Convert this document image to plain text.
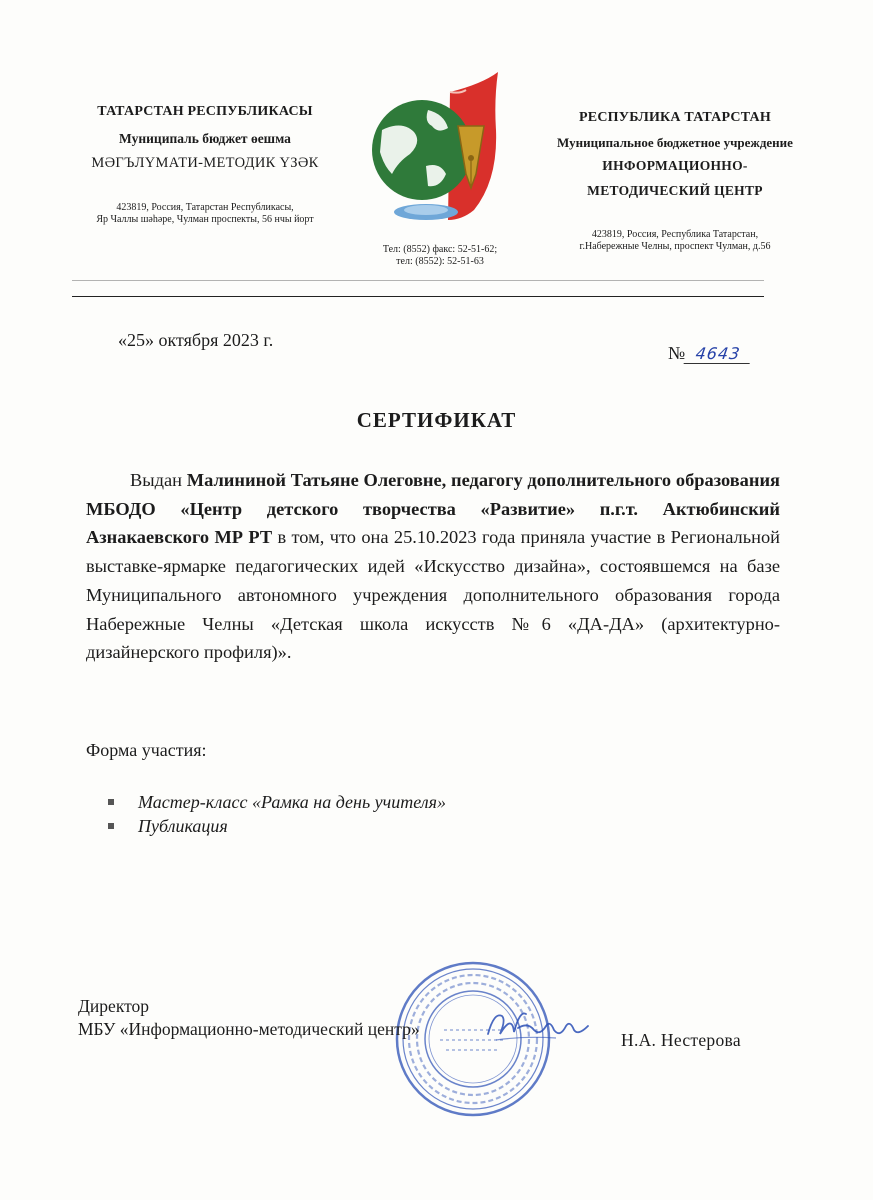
ТАТАРСТАН РЕСПУБЛИКАСЫ
Муниципаль бюджет өешма
МӘГЪЛҮМАТИ-МЕТОДИК ҮЗӘК
423819, Россия, Татарстан Республикасы,
Яр Чаллы шәһәре, Чулман проспекты, 56 нчы йорт
Тел: (8552) факс: 52-51-62;
тел: (8552): 52-51-63
РЕСПУБЛИКА ТАТАРСТАН
Муниципальное бюджетное учреждение
ИНФОРМАЦИОННО-
МЕТОДИЧЕСКИЙ ЦЕНТР
423819, Россия, Республика Татарстан,
г.Набережные Челны, проспект Чулман, д.56
«25» октября 2023 г.
№ 4643
СЕРТИФИКАТ
Выдан Малининой Татьяне Олеговне, педагогу дополнительного образования МБОДО «Центр детского творчества «Развитие» п.г.т. Актюбинский Азнакаевского МР РТ в том, что она 25.10.2023 года приняла участие в Региональной выставке-ярмарке педагогических идей «Искусство дизайна», состоявшемся на базе Муниципального автономного учреждения дополнительного образования города Набережные Челны «Детская школа искусств №6 «ДА-ДА» (архитектурно-дизайнерского профиля)».
Форма участия:
Мастер-класс «Рамка на день учителя»
Публикация
Директор
МБУ «Информационно-методический центр»
Н.А. Нестерова
